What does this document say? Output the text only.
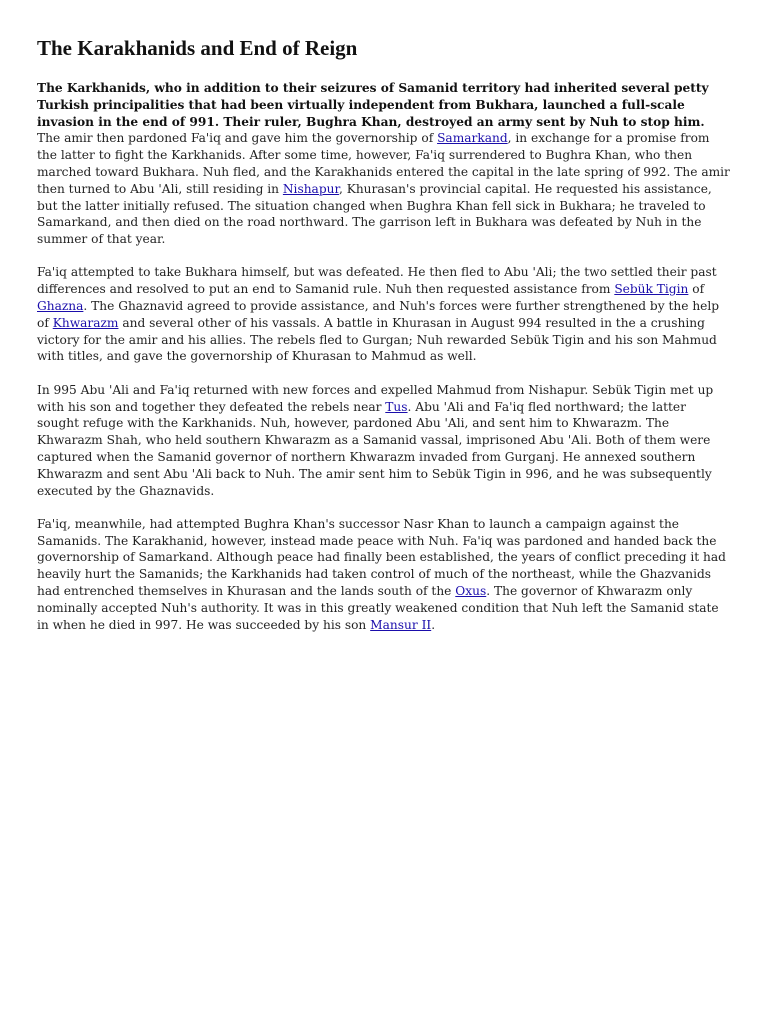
The Karakhanids and End of Reign

The Karkhanids, who in addition to their seizures of Samanid territory had inherited several petty Turkish principalities that had been virtually independent from Bukhara, launched a full-scale invasion in the end of 991. Their ruler, Bughra Khan, destroyed an army sent by Nuh to stop him. The amir then pardoned Fa'iq and gave him the governorship of Samarkand, in exchange for a promise from the latter to fight the Karkhanids. After some time, however, Fa'iq surrendered to Bughra Khan, who then marched toward Bukhara. Nuh fled, and the Karakhanids entered the capital in the late spring of 992. The amir then turned to Abu 'Ali, still residing in Nishapur, Khurasan's provincial capital. He requested his assistance, but the latter initially refused. The situation changed when Bughra Khan fell sick in Bukhara; he traveled to Samarkand, and then died on the road northward. The garrison left in Bukhara was defeated by Nuh in the summer of that year.

Fa'iq attempted to take Bukhara himself, but was defeated. He then fled to Abu 'Ali; the two settled their past differences and resolved to put an end to Samanid rule. Nuh then requested assistance from Sebük Tigin of Ghazna. The Ghaznavid agreed to provide assistance, and Nuh's forces were further strengthened by the help of Khwarazm and several other of his vassals. A battle in Khurasan in August 994 resulted in the a crushing victory for the amir and his allies. The rebels fled to Gurgan; Nuh rewarded Sebük Tigin and his son Mahmud with titles, and gave the governorship of Khurasan to Mahmud as well.

In 995 Abu 'Ali and Fa'iq returned with new forces and expelled Mahmud from Nishapur. Sebük Tigin met up with his son and together they defeated the rebels near Tus. Abu 'Ali and Fa'iq fled northward; the latter sought refuge with the Karkhanids. Nuh, however, pardoned Abu 'Ali, and sent him to Khwarazm. The Khwarazm Shah, who held southern Khwarazm as a Samanid vassal, imprisoned Abu 'Ali. Both of them were captured when the Samanid governor of northern Khwarazm invaded from Gurganj. He annexed southern Khwarazm and sent Abu 'Ali back to Nuh. The amir sent him to Sebük Tigin in 996, and he was subsequently executed by the Ghaznavids.

Fa'iq, meanwhile, had attempted Bughra Khan's successor Nasr Khan to launch a campaign against the Samanids. The Karakhanid, however, instead made peace with Nuh. Fa'iq was pardoned and handed back the governorship of Samarkand. Although peace had finally been established, the years of conflict preceding it had heavily hurt the Samanids; the Karkhanids had taken control of much of the northeast, while the Ghazvanids had entrenched themselves in Khurasan and the lands south of the Oxus. The governor of Khwarazm only nominally accepted Nuh's authority. It was in this greatly weakened condition that Nuh left the Samanid state in when he died in 997. He was succeeded by his son Mansur II.
